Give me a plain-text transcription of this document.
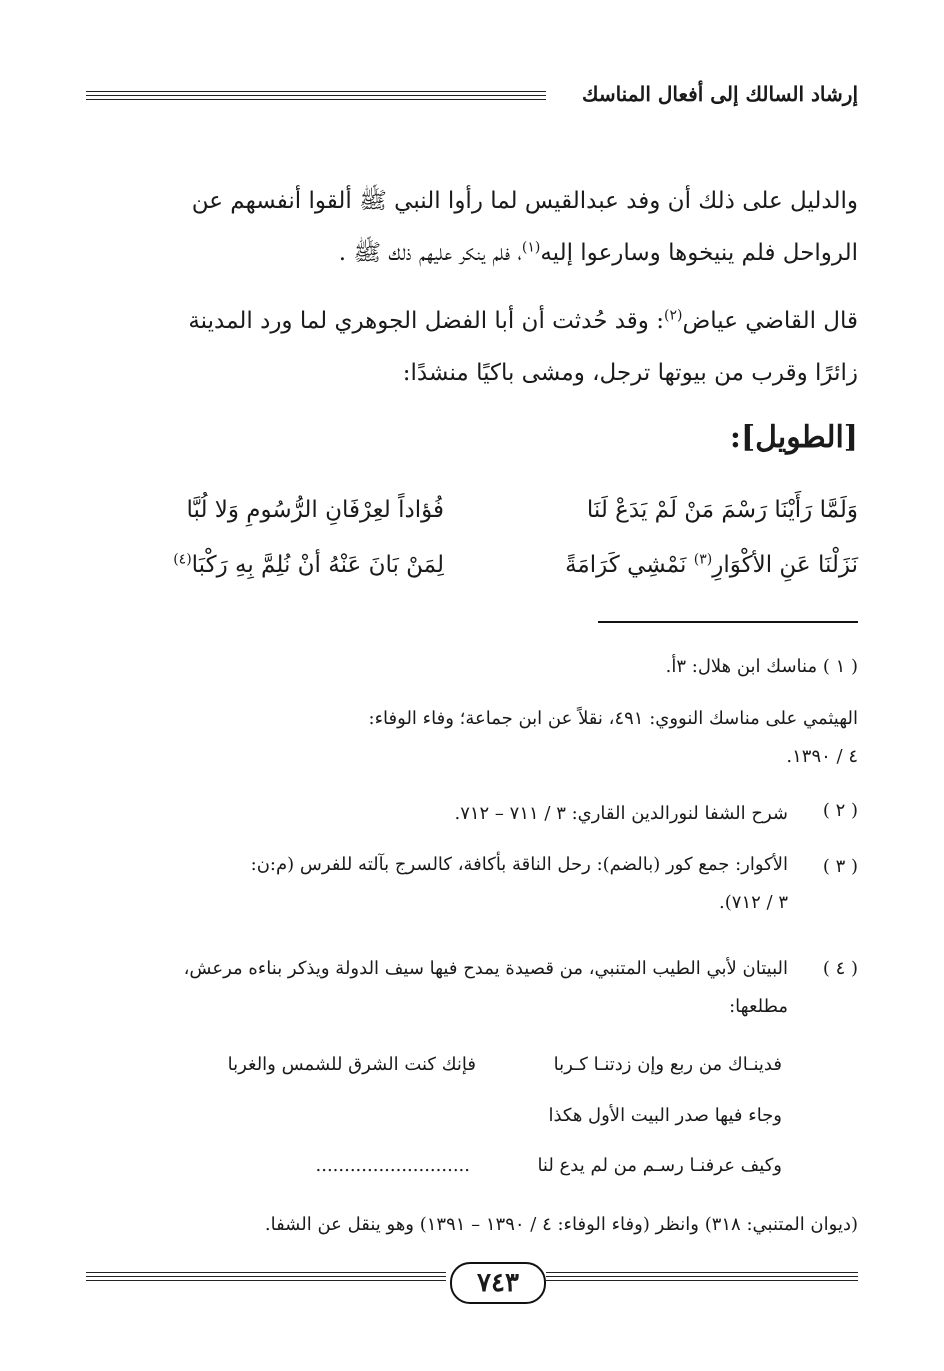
إرشاد السالك إلى أفعال المناسك
والدليل على ذلك أن وفد عبدالقيس لما رأوا النبي ﷺ ألقوا أنفسهم عن
الرواحل فلم ينيخوها وسارعوا إليه$^{(١)}$، فلم ينكر عليهم ذلك ﷺ .
قال القاضي عياض$^{(٢)}$: وقد حُدثت أن أبا الفضل الجوهري لما ورد المدينة
زائرًا وقرب من بيوتها ترجل، ومشى باكيًا منشدًا:
[الطويل]:
وَلَمَّا رَأَيْنَا رَسْمَ مَنْ لَمْ يَدَعْ لَنَا
فُؤاداً لعِرْفَانِ الرُّسُومِ وَلا لُبَّا
نَزَلْنَا عَنِ الأكْوَارِ$^{(٣)}$ نَمْشِي كَرَامَةً
لِمَنْ بَانَ عَنْهُ أنْ نُلِمَّ بِهِ رَكْبَا$^{(٤)}$
( ١ ) مناسك ابن هلال: ٣أ.
الهيثمي على مناسك النووي: ٤٩١، نقلاً عن ابن جماعة؛ وفاء الوفاء:
٤ / ١٣٩٠.
( ٢ )
شرح الشفا لنورالدين القاري: ٣ / ٧١١ – ٧١٢.
( ٣ )
الأكوار: جمع كور (بالضم): رحل الناقة بأكافة، كالسرج بآلته للفرس (م:ن:
٣ / ٧١٢).
( ٤ )
البيتان لأبي الطيب المتنبي، من قصيدة يمدح فيها سيف الدولة ويذكر بناءه مرعش،
مطلعها:
فدينـاك من ربع وإن زدتنـا كـربا
فإنك كنت الشرق للشمس والغربا
وجاء فيها صدر البيت الأول هكذا
وكيف عرفنـا رسـم من لم يدع لنا
...........................
(ديوان المتنبي: ٣١٨) وانظر (وفاء الوفاء: ٤ / ١٣٩٠ – ١٣٩١) وهو ينقل عن الشفا.
٧٤٣
